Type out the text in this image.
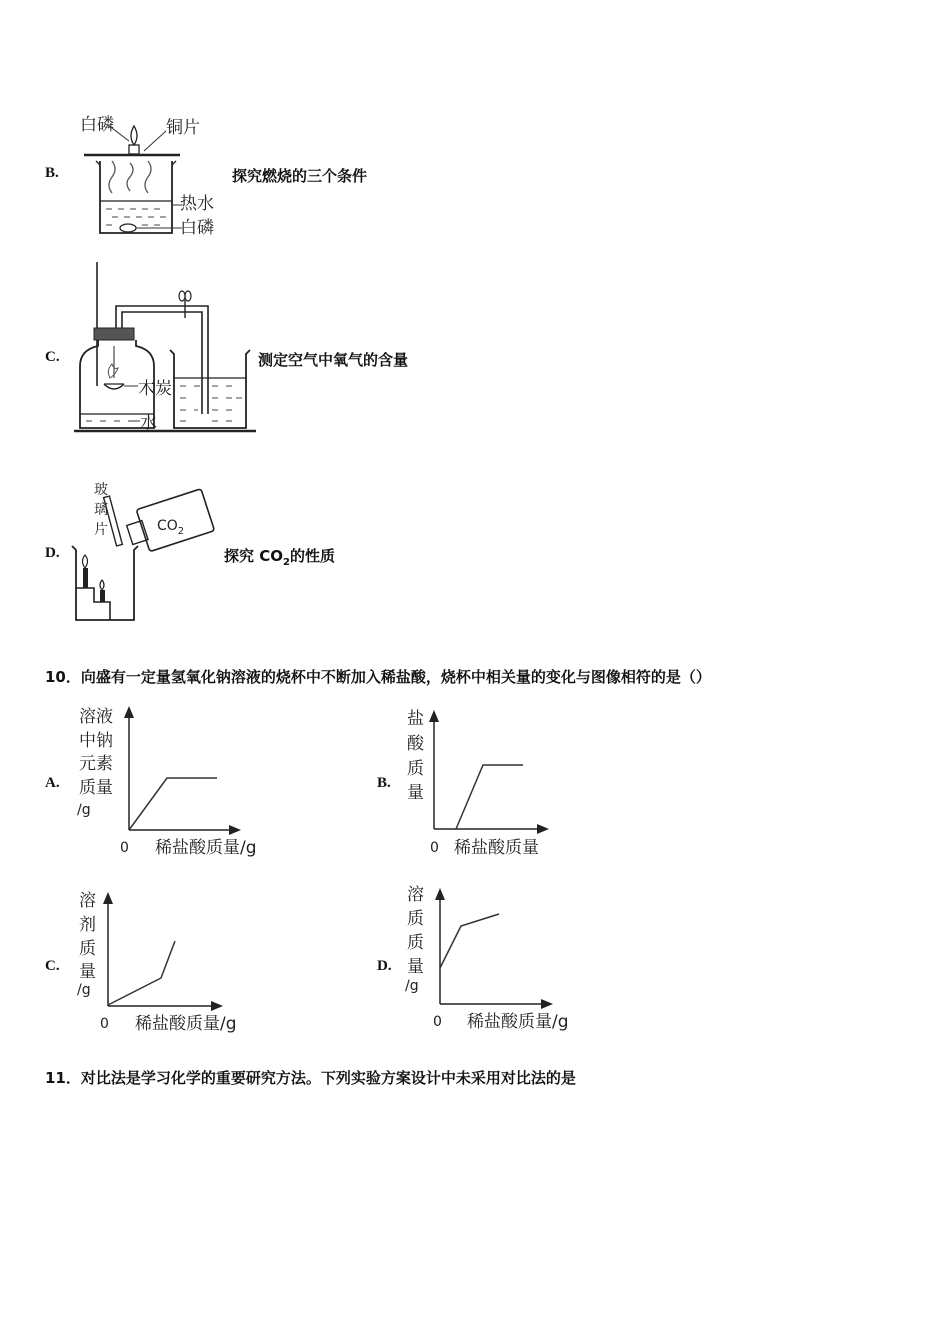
B.
白磷	铜片
热水
白磷
探究燃烧的三个条件
C.
木炭
水
测定空气中氧气的含量
D.
玻
璃
片	$CO_2$
探究 $CO_2$的性质
10．向盛有一定量氢氧化钠溶液的烧杯中不断加入稀盐酸，烧杯中相关量的变化与图像相符的是（）
A.
溶液
中钠
元素
质量
/g
0 稀盐酸质量/g
B.
盐
酸
质
量
0 稀盐酸质量
C.
溶
剂
质
量
/g
0 稀盐酸质量/g
D.
溶
质
质
量
/g
0 稀盐酸质量/g
11．对比法是学习化学的重要研究方法。下列实验方案设计中未采用对比法的是
